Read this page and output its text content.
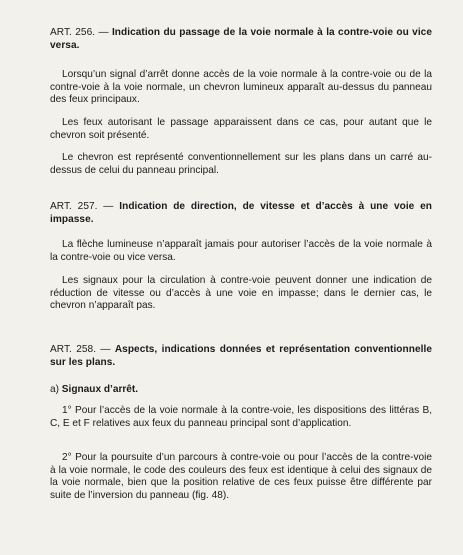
ART. 256. — Indication du passage de la voie normale à la contre-voie ou vice versa.
Lorsqu’un signal d’arrêt donne accès de la voie normale à la contre-voie ou de la contre-voie à la voie normale, un chevron lumineux apparaît au-dessus du panneau des feux principaux.
Les feux autorisant le passage apparaissent dans ce cas, pour autant que le chevron soit présenté.
Le chevron est représenté conventionnellement sur les plans dans un carré au-dessus de celui du panneau principal.
ART. 257. — Indication de direction, de vitesse et d’accès à une voie en impasse.
La flèche lumineuse n’apparaît jamais pour autoriser l’accès de la voie normale à la contre-voie ou vice versa.
Les signaux pour la circulation à contre-voie peuvent donner une indication de réduction de vitesse ou d’accès à une voie en impasse; dans le dernier cas, le chevron n’apparaît pas.
ART. 258. — Aspects, indications données et représentation conventionnelle sur les plans.
a) Signaux d’arrêt.
1° Pour l’accès de la voie normale à la contre-voie, les dispositions des littéras B, C, E et F relatives aux feux du panneau principal sont d’application.
2° Pour la poursuite d’un parcours à contre-voie ou pour l’accès de la contre-voie à la voie normale, le code des couleurs des feux est identique à celui des signaux de la voie normale, bien que la position relative de ces feux puisse être différente par suite de l’inversion du panneau (fig. 48).
